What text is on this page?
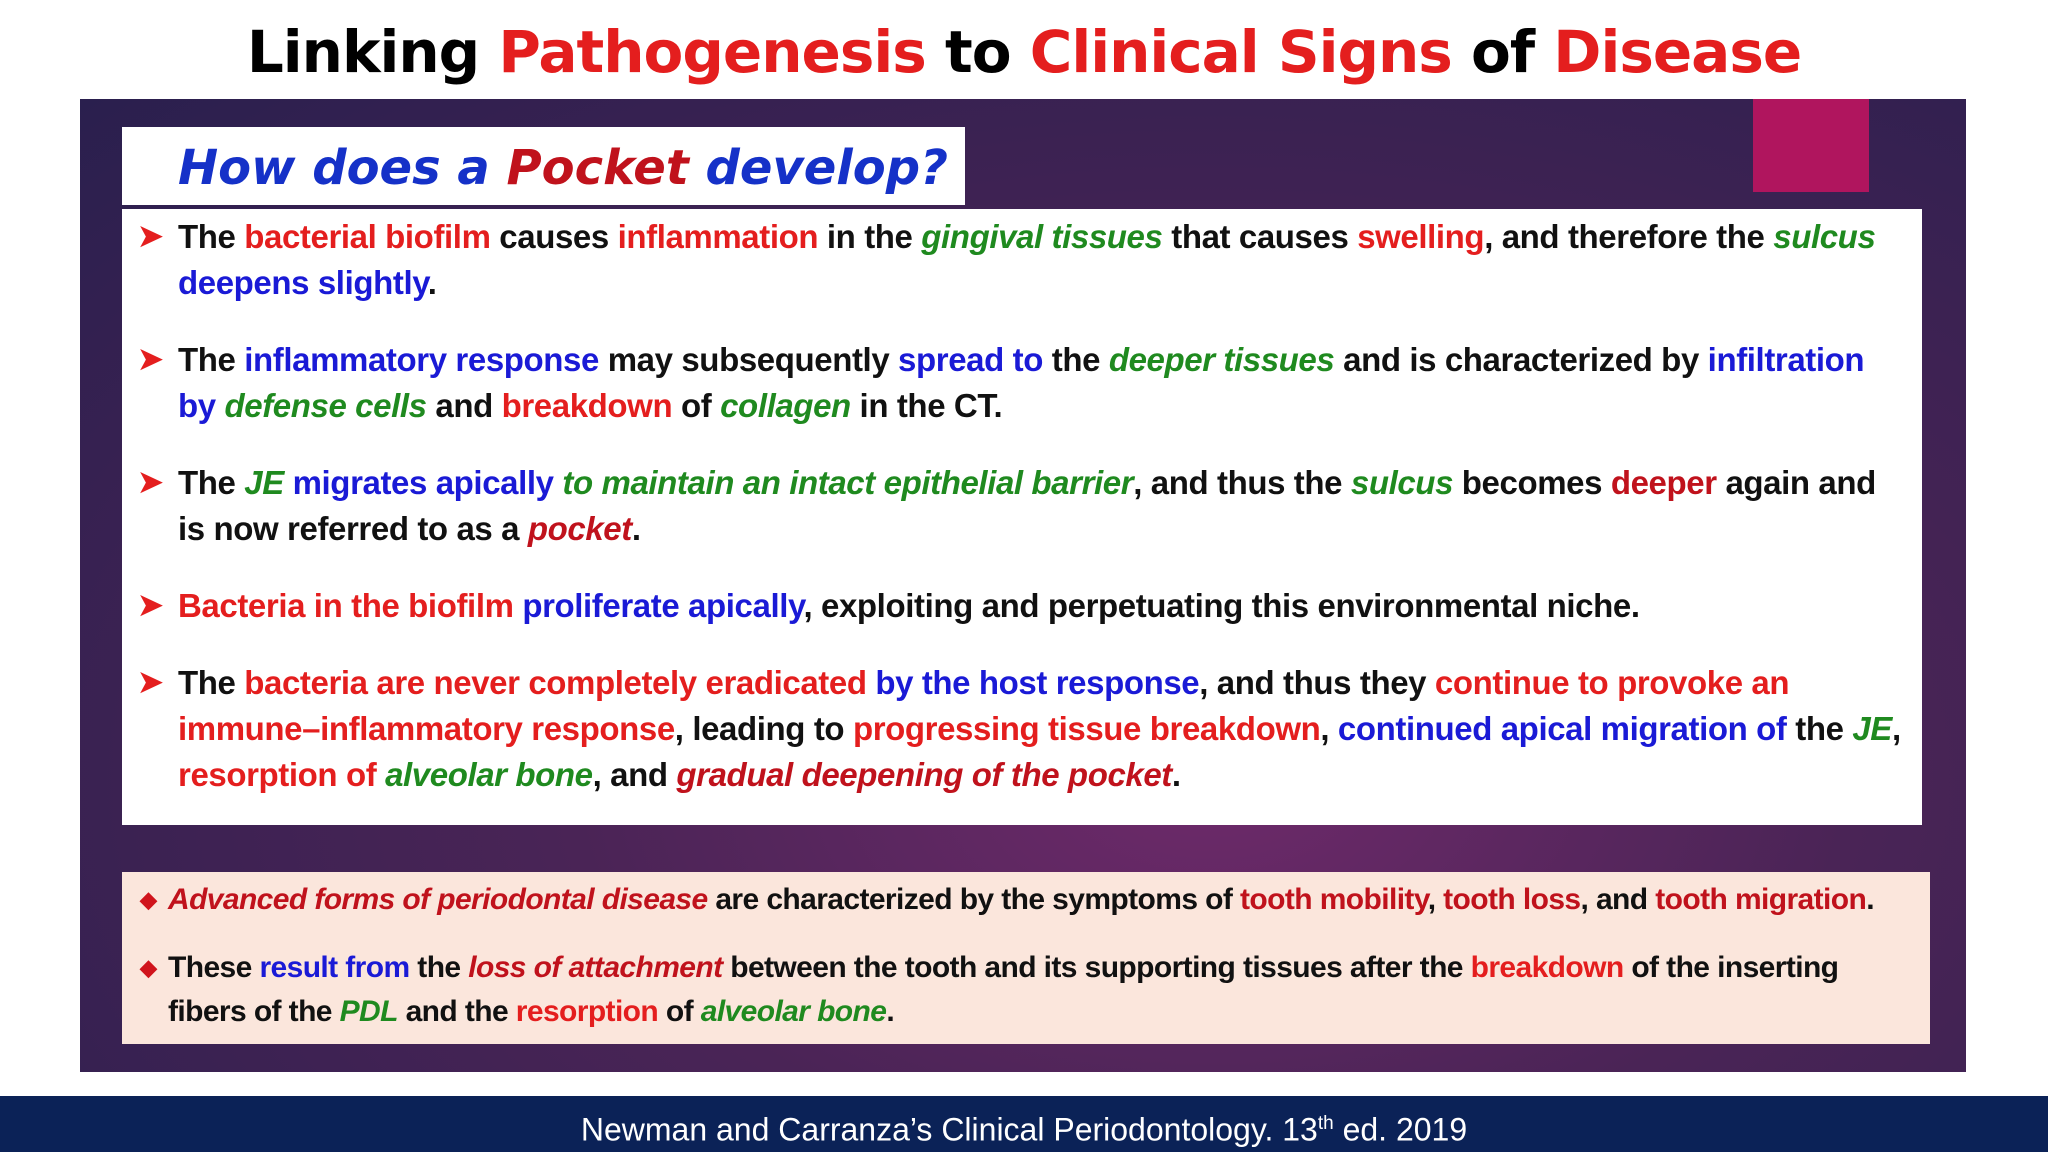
Linking Pathogenesis to Clinical Signs of Disease
How does a Pocket develop?
➤ The bacterial biofilm causes inflammation in the gingival tissues that causes swelling, and therefore the sulcus deepens slightly.
➤ The inflammatory response may subsequently spread to the deeper tissues and is characterized by infiltration by defense cells and breakdown of collagen in the CT.
➤ The JE migrates apically to maintain an intact epithelial barrier, and thus the sulcus becomes deeper again and is now referred to as a pocket.
➤ Bacteria in the biofilm proliferate apically, exploiting and perpetuating this environmental niche.
➤ The bacteria are never completely eradicated by the host response, and thus they continue to provoke an immune–inflammatory response, leading to progressing tissue breakdown, continued apical migration of the JE, resorption of alveolar bone, and gradual deepening of the pocket.
◆ Advanced forms of periodontal disease are characterized by the symptoms of tooth mobility, tooth loss, and tooth migration.
◆ These result from the loss of attachment between the tooth and its supporting tissues after the breakdown of the inserting fibers of the PDL and the resorption of alveolar bone.
Newman and Carranza’s Clinical Periodontology. 13th ed. 2019
